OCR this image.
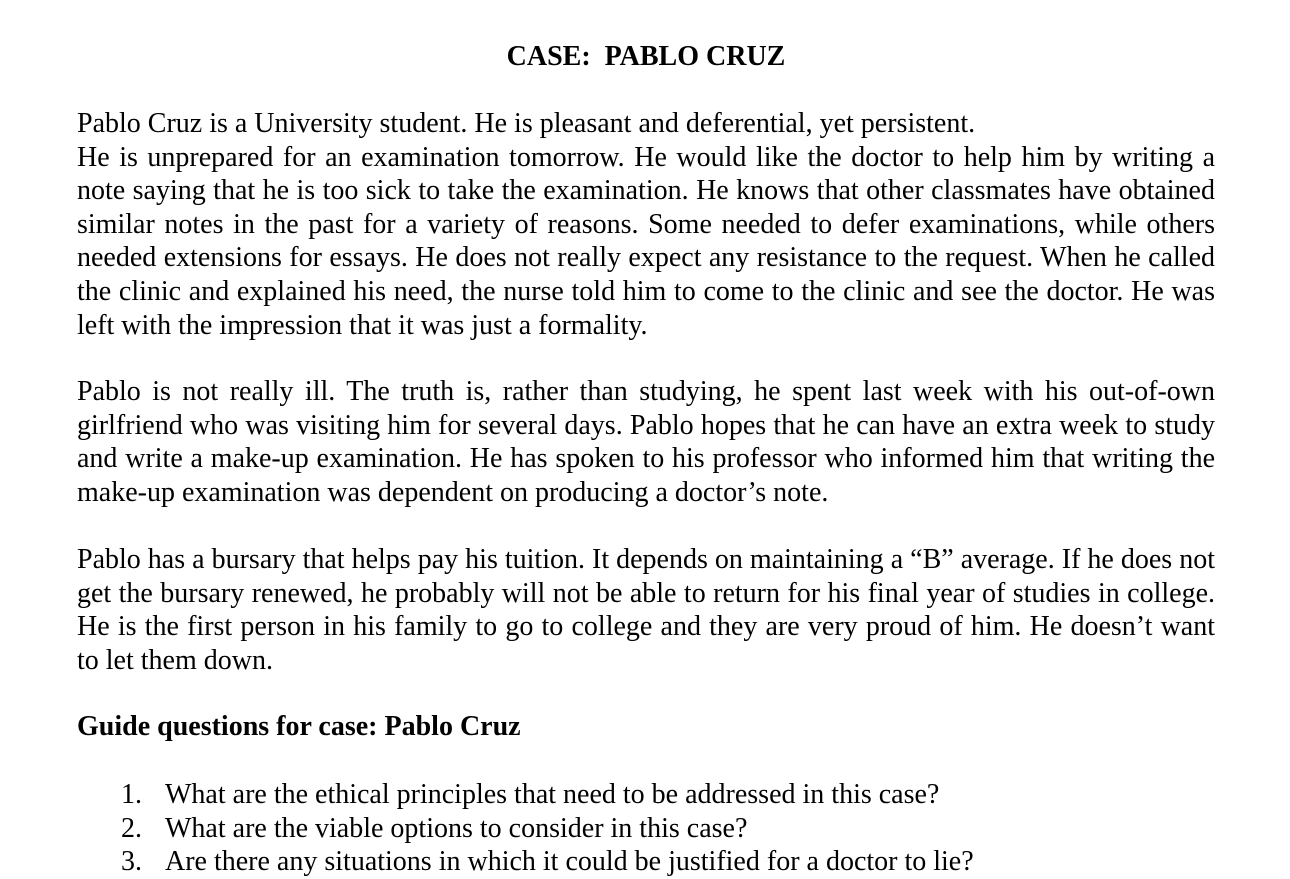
CASE:  PABLO CRUZ

Pablo Cruz is a University student. He is pleasant and deferential, yet persistent.
He is unprepared for an examination tomorrow. He would like the doctor to help him by writing a note saying that he is too sick to take the examination. He knows that other classmates have obtained similar notes in the past for a variety of reasons. Some needed to defer examinations, while others needed extensions for essays. He does not really expect any resistance to the request. When he called the clinic and explained his need, the nurse told him to come to the clinic and see the doctor. He was left with the impression that it was just a formality.

Pablo is not really ill. The truth is, rather than studying, he spent last week with his out-of-own girlfriend who was visiting him for several days. Pablo hopes that he can have an extra week to study and write a make-up examination. He has spoken to his professor who informed him that writing the make-up examination was dependent on producing a doctor’s note.

Pablo has a bursary that helps pay his tuition. It depends on maintaining a “B” average. If he does not get the bursary renewed, he probably will not be able to return for his final year of studies in college. He is the first person in his family to go to college and they are very proud of him. He doesn’t want to let them down.

Guide questions for case: Pablo Cruz
1. What are the ethical principles that need to be addressed in this case?
2. What are the viable options to consider in this case?
3. Are there any situations in which it could be justified for a doctor to lie?
